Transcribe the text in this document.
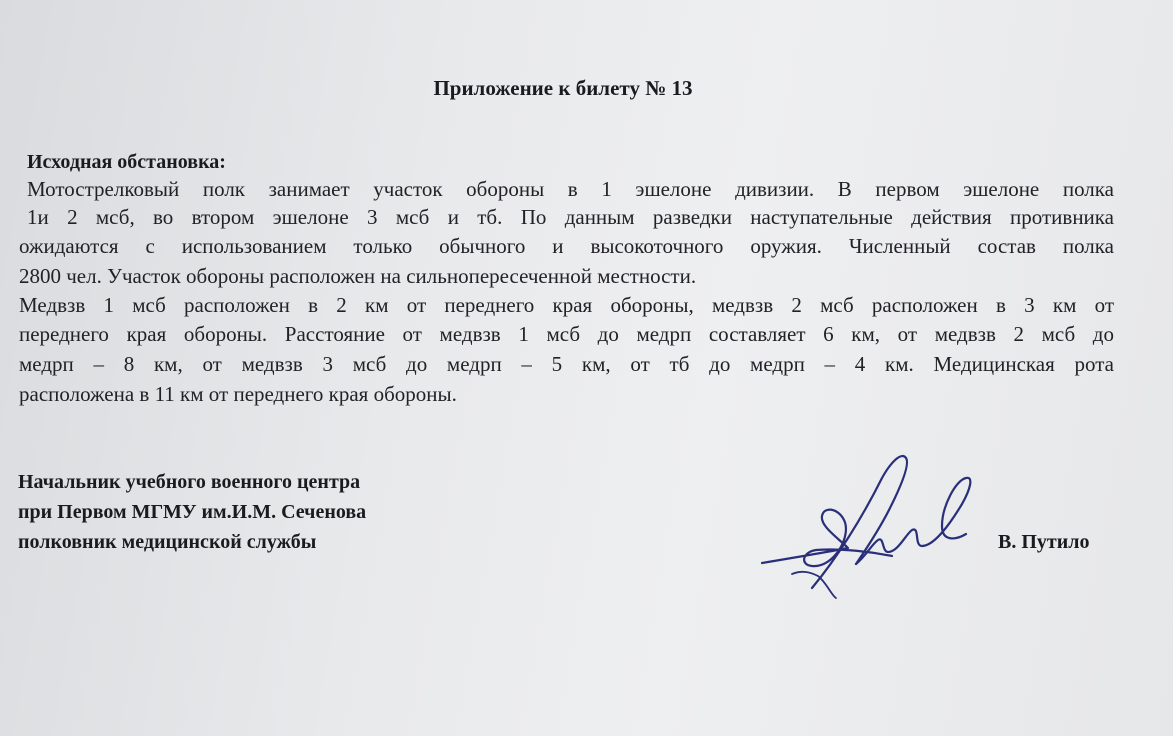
Приложение к билету № 13
Исходная обстановка:
Мотострелковый полк занимает участок обороны в 1 эшелоне дивизии. В первом эшелоне полка
1и 2 мсб, во втором эшелоне 3 мсб и тб. По данным разведки наступательные действия противника
ожидаются с использованием только обычного и высокоточного оружия. Численный состав полка
2800 чел. Участок обороны расположен на сильнопересеченной местности.
Медвзв 1 мсб расположен в 2 км от переднего края обороны, медвзв 2 мсб расположен в 3 км от
переднего края обороны. Расстояние от медвзв 1 мсб до медрп составляет 6 км, от медвзв 2 мсб до
медрп – 8 км, от медвзв 3 мсб до медрп – 5 км, от тб до медрп – 4 км. Медицинская рота
расположена в 11 км от переднего края обороны.
Начальник учебного военного центра
при Первом МГМУ им.И.М. Сеченова
полковник медицинской службы	В. Путило
